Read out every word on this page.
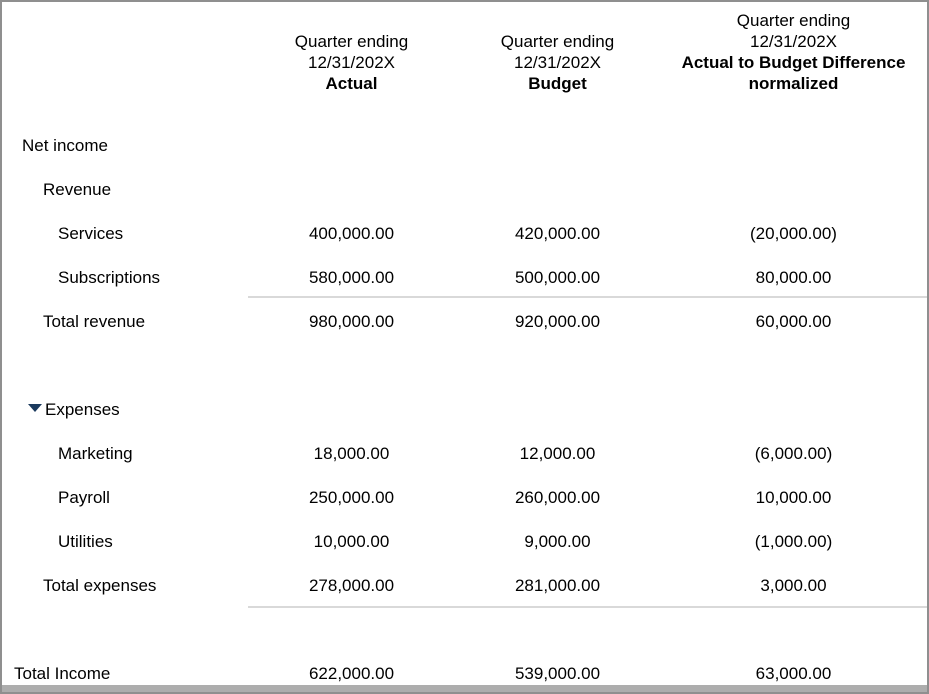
Quarter ending
12/31/202X
Actual
Quarter ending
12/31/202X
Budget
Quarter ending
12/31/202X
Actual to Budget Difference normalized
Net income
Revenue
Services	400,000.00	420,000.00	(20,000.00)
Subscriptions	580,000.00	500,000.00	80,000.00
Total revenue	980,000.00	920,000.00	60,000.00
Expenses
Marketing	18,000.00	12,000.00	(6,000.00)
Payroll	250,000.00	260,000.00	10,000.00
Utilities	10,000.00	9,000.00	(1,000.00)
Total expenses	278,000.00	281,000.00	3,000.00
Total Income	622,000.00	539,000.00	63,000.00
